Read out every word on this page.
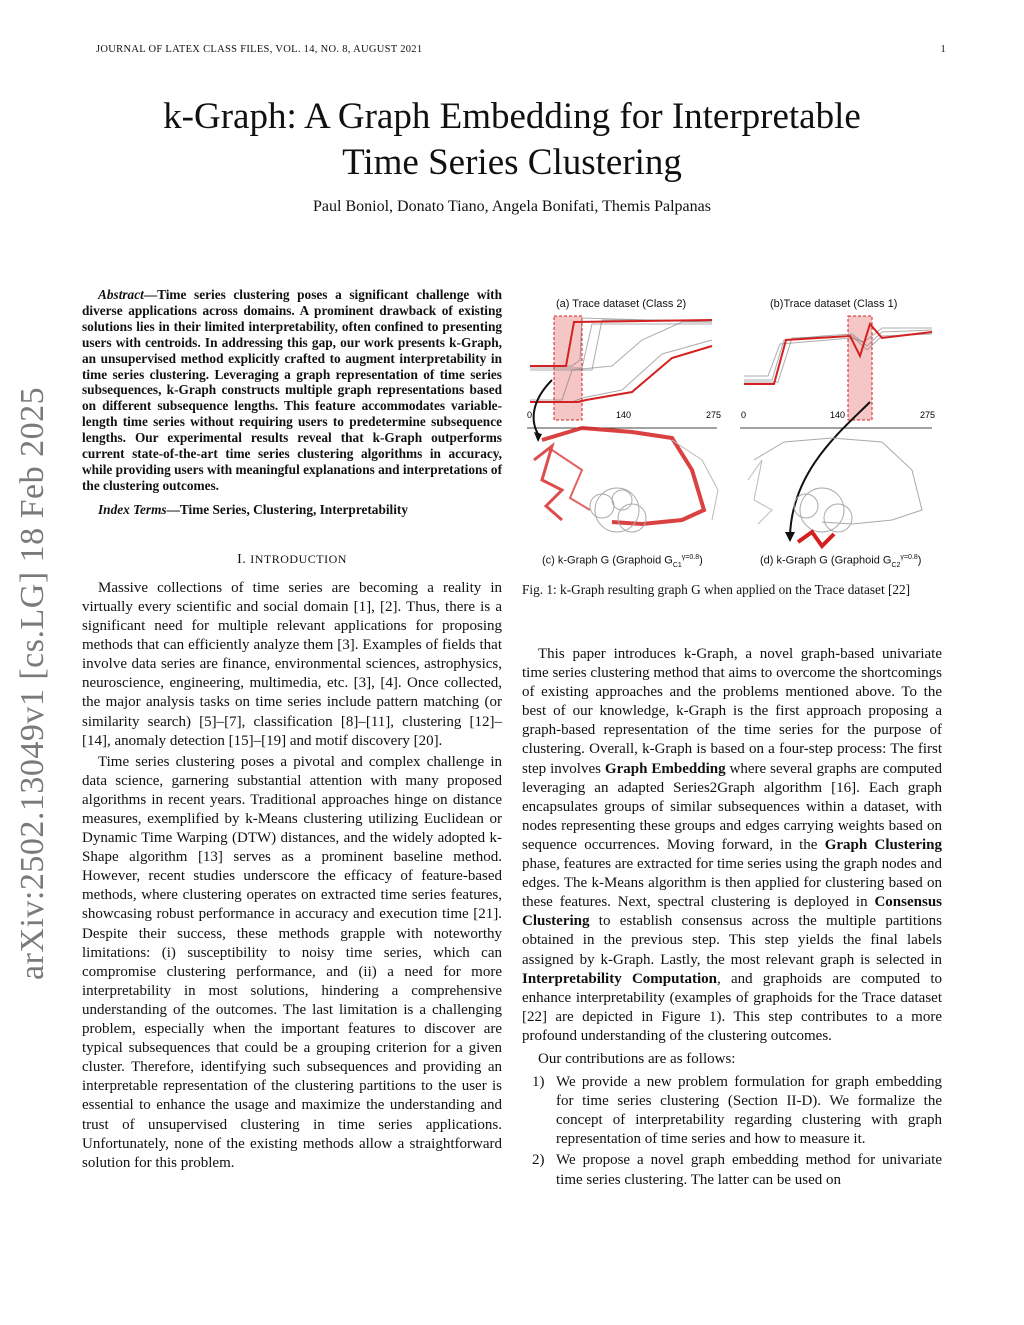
JOURNAL OF LATEX CLASS FILES, VOL. 14, NO. 8, AUGUST 2021	1
arXiv:2502.13049v1 [cs.LG] 18 Feb 2025
k-Graph: A Graph Embedding for Interpretable
Time Series Clustering
Paul Boniol, Donato Tiano, Angela Bonifati, Themis Palpanas
Abstract—Time series clustering poses a significant challenge with diverse applications across domains. A prominent drawback of existing solutions lies in their limited interpretability, often confined to presenting users with centroids. In addressing this gap, our work presents k-Graph, an unsupervised method explicitly crafted to augment interpretability in time series clustering. Leveraging a graph representation of time series subsequences, k-Graph constructs multiple graph representations based on different subsequence lengths. This feature accommodates variable-length time series without requiring users to predetermine subsequence lengths. Our experimental results reveal that k-Graph outperforms current state-of-the-art time series clustering algorithms in accuracy, while providing users with meaningful explanations and interpretations of the clustering outcomes.
Index Terms—Time Series, Clustering, Interpretability
I. INTRODUCTION

Massive collections of time series are becoming a reality in virtually every scientific and social domain [1], [2]. Thus, there is a significant need for multiple relevant applications for proposing methods that can efficiently analyze them [3]. Examples of fields that involve data series are finance, environmental sciences, astrophysics, neuroscience, engineering, multimedia, etc. [3], [4]. Once collected, the major analysis tasks on time series include pattern matching (or similarity search) [5]–[7], classification [8]–[11], clustering [12]–[14], anomaly detection [15]–[19] and motif discovery [20].

Time series clustering poses a pivotal and complex challenge in data science, garnering substantial attention with many proposed algorithms in recent years. Traditional approaches hinge on distance measures, exemplified by k-Means clustering utilizing Euclidean or Dynamic Time Warping (DTW) distances, and the widely adopted k-Shape algorithm [13] serves as a prominent baseline method. However, recent studies underscore the efficacy of feature-based methods, where clustering operates on extracted time series features, showcasing robust performance in accuracy and execution time [21]. Despite their success, these methods grapple with noteworthy limitations: (i) susceptibility to noisy time series, which can compromise clustering performance, and (ii) a need for more interpretability in most solutions, hindering a comprehensive understanding of the outcomes. The last limitation is a challenging problem, especially when the important features to discover are typical subsequences that could be a grouping criterion for a given cluster. Therefore, identifying such subsequences and providing an interpretable representation of the clustering partitions to the user is essential to enhance the usage and maximize the understanding and trust of unsupervised clustering in time series applications. Unfortunately, none of the existing methods allow a straightforward solution for this problem.

(a) Trace dataset (Class 2)	(b)Trace dataset (Class 1)
0	140	275 0	140	275
(c) k-Graph G (Graphoid $G_{C1}^{\gamma=0.8}$)	(d) k-Graph G (Graphoid $G_{C2}^{\gamma=0.8}$)
Fig. 1: k-Graph resulting graph G when applied on the Trace dataset [22]

This paper introduces k-Graph, a novel graph-based univariate time series clustering method that aims to overcome the shortcomings of existing approaches and the problems mentioned above. To the best of our knowledge, k-Graph is the first approach proposing a graph-based representation of the time series for the purpose of clustering. Overall, k-Graph is based on a four-step process: The first step involves Graph Embedding where several graphs are computed leveraging an adapted Series2Graph algorithm [16]. Each graph encapsulates groups of similar subsequences within a dataset, with nodes representing these groups and edges carrying weights based on sequence occurrences. Moving forward, in the Graph Clustering phase, features are extracted for time series using the graph nodes and edges. The k-Means algorithm is then applied for clustering based on these features. Next, spectral clustering is deployed in Consensus Clustering to establish consensus across the multiple partitions obtained in the previous step. This step yields the final labels assigned by k-Graph. Lastly, the most relevant graph is selected in Interpretability Computation, and graphoids are computed to enhance interpretability (examples of graphoids for the Trace dataset [22] are depicted in Figure 1). This step contributes to a more profound understanding of the clustering outcomes.

Our contributions are as follows:

1) We provide a new problem formulation for graph embedding for time series clustering (Section II-D). We formalize the concept of interpretability regarding clustering with graph representation of time series and how to measure it.
2) We propose a novel graph embedding method for univariate time series clustering. The latter can be used on
